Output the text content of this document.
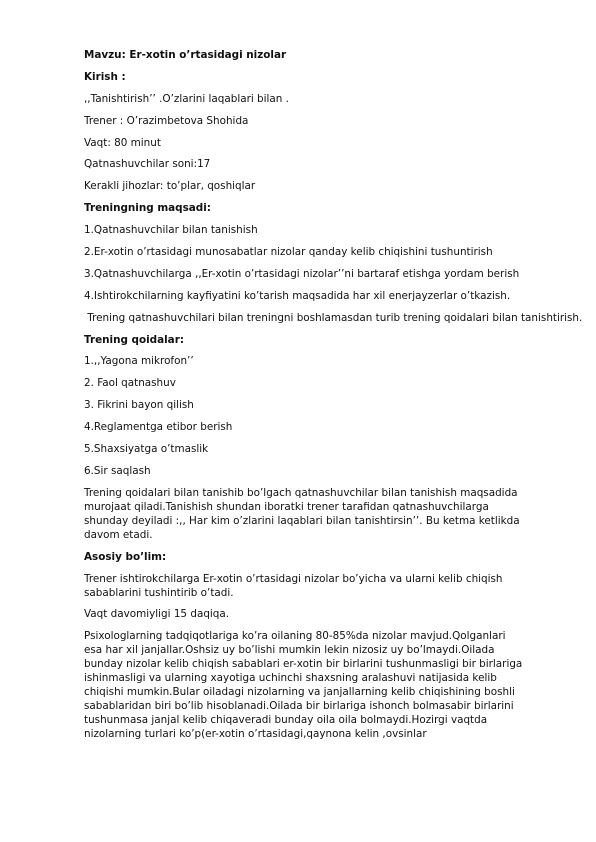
Mavzu: Er-xotin o’rtasidagi nizolar

Kirish :

,,Tanishtirish’’ .O’zlarini laqablari bilan .

Trener : O’razimbetova Shohida

Vaqt: 80 minut

Qatnashuvchilar soni:17

Kerakli jihozlar: to’plar, qoshiqlar

Treningning maqsadi:

1.Qatnashuvchilar bilan tanishish

2.Er-xotin o’rtasidagi munosabatlar nizolar qanday kelib chiqishini tushuntirish

3.Qatnashuvchilarga ,,Er-xotin o’rtasidagi nizolar’’ni bartaraf etishga yordam berish

4.Ishtirokchilarning kayfiyatini ko’tarish maqsadida har xil enerjayzerlar o’tkazish.

Trening qatnashuvchilari bilan treningni boshlamasdan turib trening qoidalari bilan tanishtirish.

Trening qoidalar:

1.,,Yagona mikrofon’’

2. Faol qatnashuv

3. Fikrini bayon qilish

4.Reglamentga etibor berish

5.Shaxsiyatga o’tmaslik

6.Sir saqlash

Trening qoidalari bilan tanishib bo’lgach qatnashuvchilar bilan tanishish maqsadida murojaat qiladi.Tanishish shundan iboratki trener tarafidan qatnashuvchilarga shunday deyiladi :,, Har kim o’zlarini laqablari bilan tanishtirsin’’. Bu ketma ketlikda davom etadi.

Asosiy bo’lim:

Trener ishtirokchilarga Er-xotin o’rtasidagi nizolar bo’yicha va ularni kelib chiqish sabablarini tushintirib o’tadi.

Vaqt davomiyligi 15 daqiqa.

Psixologlarning tadqiqotlariga ko’ra oilaning 80-85%da nizolar mavjud.Qolganlari esa har xil janjallar.Oshsiz uy bo’lishi mumkin lekin nizosiz uy bo’lmaydi.Oilada bunday nizolar kelib chiqish sabablari er-xotin bir birlarini tushunmasligi bir birlariga ishinmasligi va ularning xayotiga uchinchi shaxsning aralashuvi natijasida kelib chiqishi mumkin.Bular oiladagi nizolarning va janjallarning kelib chiqishining boshli sabablaridan biri bo’lib hisoblanadi.Oilada bir birlariga ishonch bolmasabir birlarini tushunmasa janjal kelib chiqaveradi bunday oila oila bolmaydi.Hozirgi vaqtda nizolarning turlari ko’p(er-xotin o’rtasidagi,qaynona kelin ,ovsinlar
